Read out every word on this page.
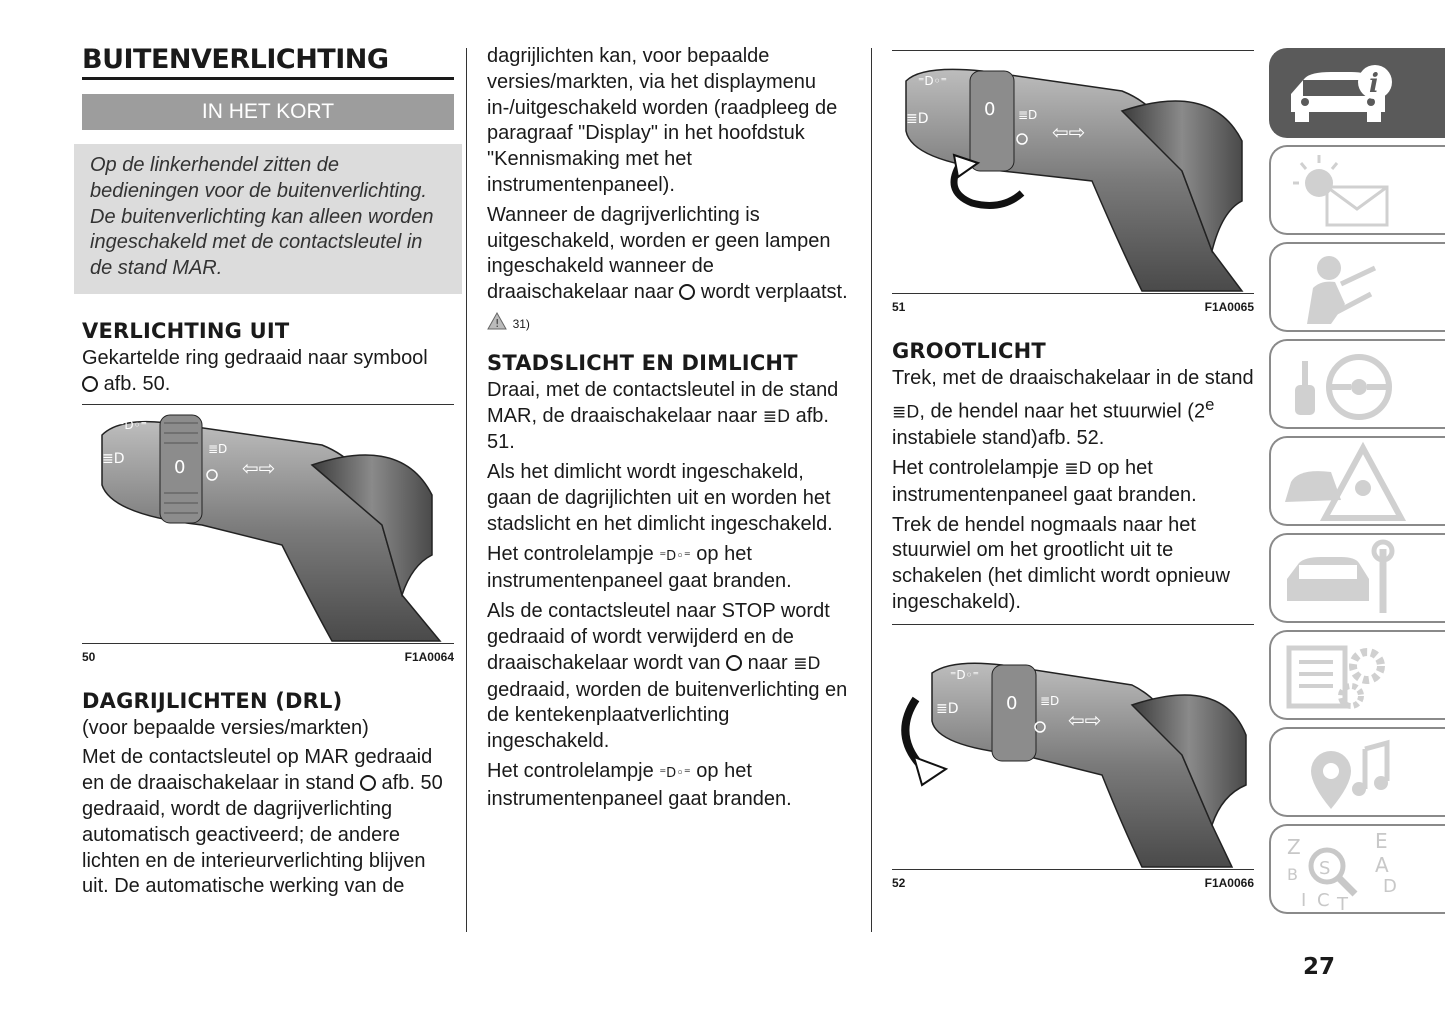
BUITENVERLICHTING
IN HET KORT
Op de linkerhendel zitten de bedieningen voor de buitenverlichting. De buitenverlichting kan alleen worden ingeschakeld met de contactsleutel in de stand MAR.
VERLICHTING UIT

Gekartelde ring gedraaid naar symbool
afb. 50.

0
⁼D◦⁼
≣D
≣D
⇦⇨
50	F1A0064
DAGRIJLICHTEN (DRL)

(voor bepaalde versies/markten)

Met de contactsleutel op MAR gedraaid en de draaischakelaar in stand afb. 50 gedraaid, wordt de dagrijverlichting automatisch geactiveerd; de andere lichten en de interieurverlichting blijven uit. De automatische werking van de

dagrijlichten kan, voor bepaalde versies/markten, via het displaymenu in-/uitgeschakeld worden (raadpleeg de paragraaf "Display" in het hoofdstuk "Kennismaking met het instrumentenpaneel).

Wanneer de dagrijverlichting is uitgeschakeld, worden er geen lampen ingeschakeld wanneer de draaischakelaar naar wordt verplaatst.

! 31)

STADSLICHT EN DIMLICHT

Draai, met de contactsleutel in de stand MAR, de draaischakelaar naar ≣D afb. 51.

Als het dimlicht wordt ingeschakeld, gaan de dagrijlichten uit en worden het stadslicht en het dimlicht ingeschakeld.

Het controlelampje ⁼D◦⁼ op het instrumentenpaneel gaat branden.

Als de contactsleutel naar STOP wordt gedraaid of wordt verwijderd en de draaischakelaar wordt van naar ≣D gedraaid, worden de buitenverlichting en de kentekenplaatverlichting ingeschakeld.

Het controlelampje ⁼D◦⁼ op het instrumentenpaneel gaat branden.

0
⁼D◦⁼
≣D	≣D
⇦⇨
51	F1A0065
GROOTLICHT

Trek, met de draaischakelaar in de stand ≣D, de hendel naar het stuurwiel (2e instabiele stand)afb. 52.

Het controlelampje ≣D op het instrumentenpaneel gaat branden.

Trek de hendel nogmaals naar het stuurwiel om het grootlicht uit te schakelen (het dimlicht wordt opnieuw ingeschakeld).

0
⁼D◦⁼
≣D	≣D
⇦⇨
52	F1A0066
i
Z	E
S A
B
D
I C T
27
